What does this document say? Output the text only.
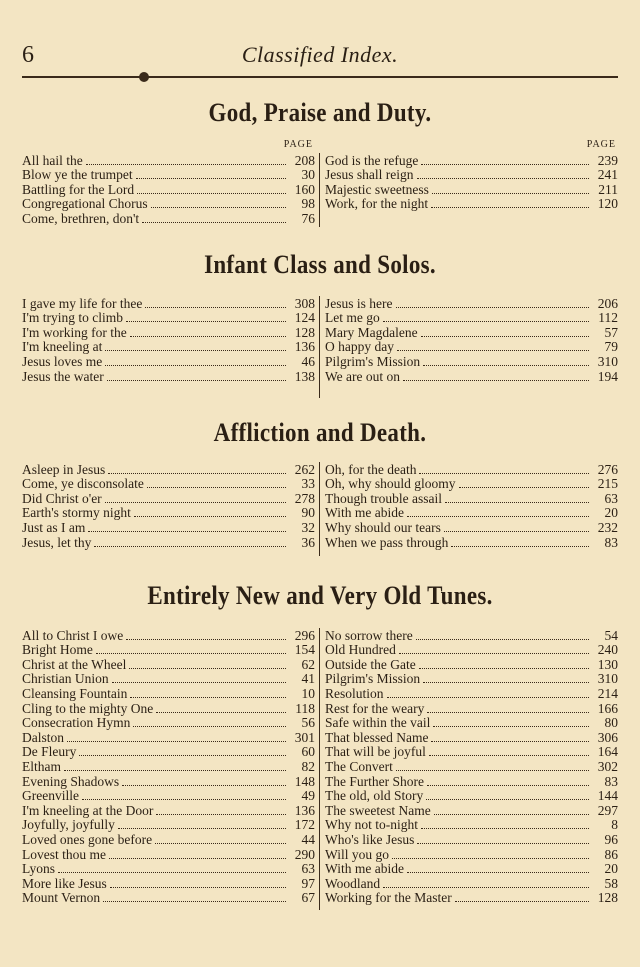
6	Classified Index.
God, Praise and Duty.
PAGE	PAGE
All hail the	208
Blow ye the trumpet	30
Battling for the Lord	160
Congregational Chorus	98
Come, brethren, don't	76
God is the refuge	239
Jesus shall reign	241
Majestic sweetness	211
Work, for the night	120
Infant Class and Solos.
I gave my life for thee	308
I'm trying to climb	124
I'm working for the	128
I'm kneeling at	136
Jesus loves me	46
Jesus the water	138
Jesus is here	206
Let me go	112
Mary Magdalene	57
O happy day	79
Pilgrim's Mission	310
We are out on	194
Affliction and Death.
Asleep in Jesus	262
Come, ye disconsolate	33
Did Christ o'er	278
Earth's stormy night	90
Just as I am	32
Jesus, let thy	36
Oh, for the death	276
Oh, why should gloomy	215
Though trouble assail	63
With me abide	20
Why should our tears	232
When we pass through	83
Entirely New and Very Old Tunes.
All to Christ I owe	296
Bright Home	154
Christ at the Wheel	62
Christian Union	41
Cleansing Fountain	10
Cling to the mighty One	118
Consecration Hymn	56
Dalston	301
De Fleury	60
Eltham	82
Evening Shadows	148
Greenville	49
I'm kneeling at the Door	136
Joyfully, joyfully	172
Loved ones gone before	44
Lovest thou me	290
Lyons	63
More like Jesus	97
Mount Vernon	67
No sorrow there	54
Old Hundred	240
Outside the Gate	130
Pilgrim's Mission	310
Resolution	214
Rest for the weary	166
Safe within the vail	80
That blessed Name	306
That will be joyful	164
The Convert	302
The Further Shore	83
The old, old Story	144
The sweetest Name	297
Why not to-night	8
Who's like Jesus	96
Will you go	86
With me abide	20
Woodland	58
Working for the Master	128
